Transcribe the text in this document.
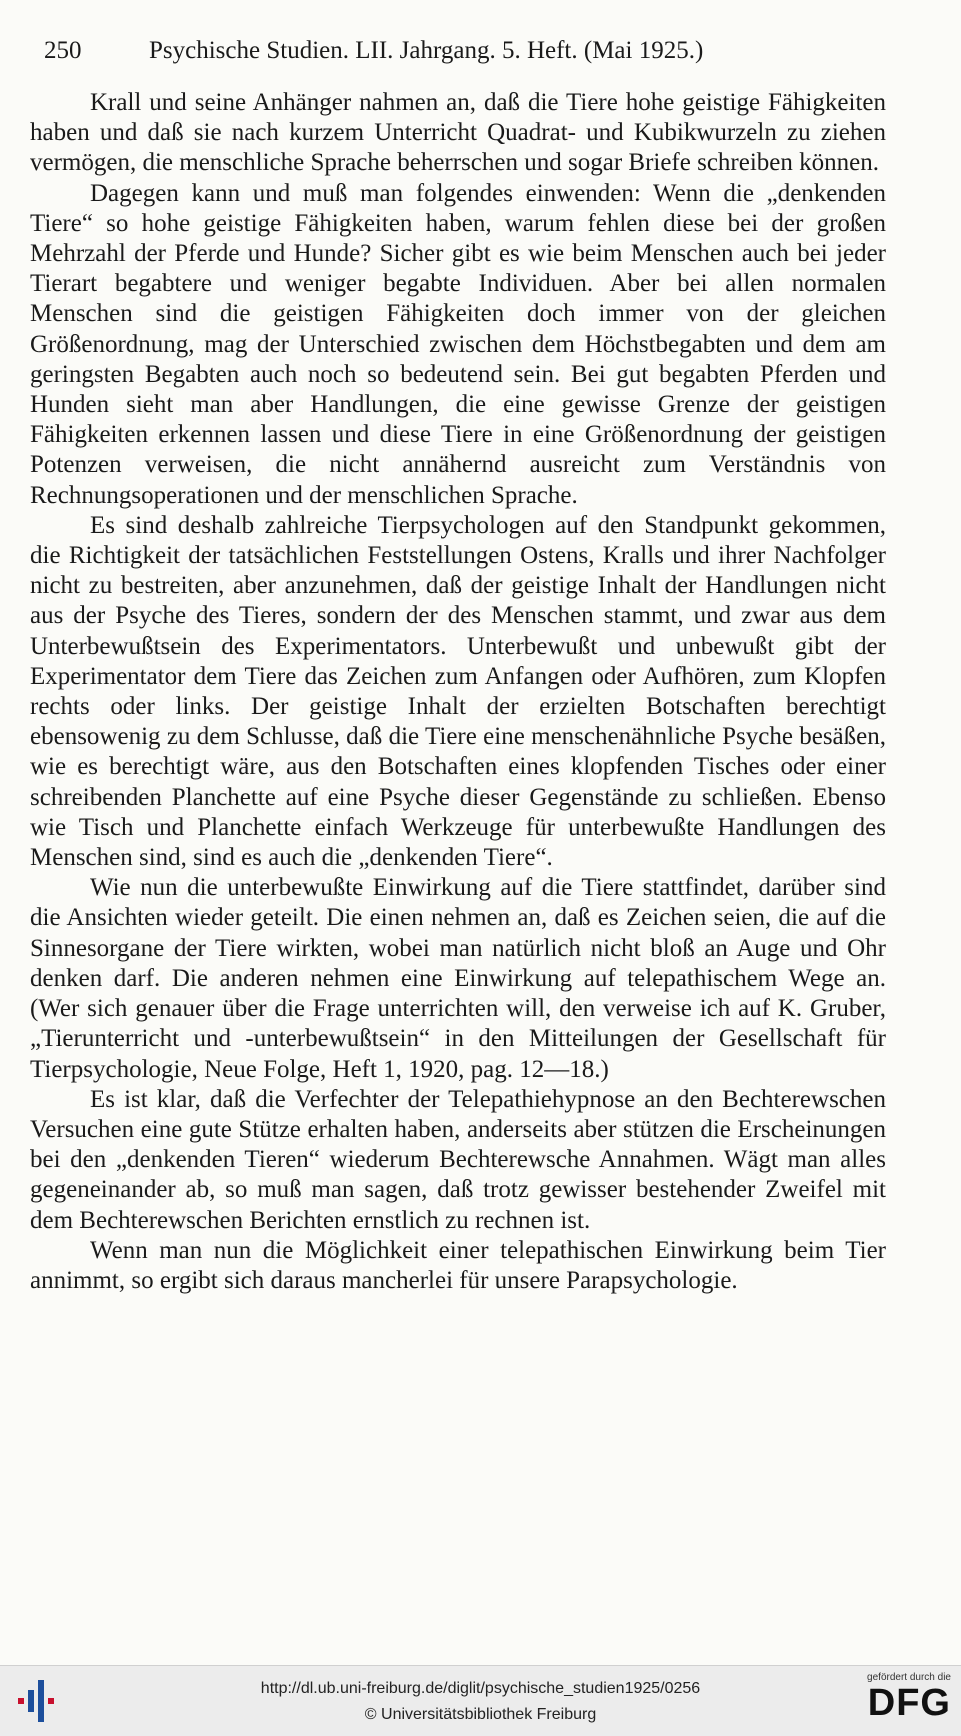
250	Psychische Studien. LII. Jahrgang. 5. Heft. (Mai 1925.)

Krall und seine Anhänger nahmen an, daß die Tiere hohe geistige Fähigkeiten haben und daß sie nach kurzem Unterricht Quadrat- und Kubikwurzeln zu ziehen vermögen, die menschliche Sprache beherrschen und sogar Briefe schreiben können.

Dagegen kann und muß man folgendes einwenden: Wenn die „denkenden Tiere“ so hohe geistige Fähigkeiten haben, warum fehlen diese bei der großen Mehrzahl der Pferde und Hunde? Sicher gibt es wie beim Menschen auch bei jeder Tierart begabtere und weniger begabte Individuen. Aber bei allen normalen Menschen sind die geistigen Fähigkeiten doch immer von der gleichen Größenordnung, mag der Unterschied zwischen dem Höchstbegabten und dem am geringsten Begabten auch noch so bedeutend sein. Bei gut begabten Pferden und Hunden sieht man aber Handlungen, die eine gewisse Grenze der geistigen Fähigkeiten erkennen lassen und diese Tiere in eine Größenordnung der geistigen Potenzen verweisen, die nicht annähernd ausreicht zum Verständnis von Rechnungsoperationen und der menschlichen Sprache.

Es sind deshalb zahlreiche Tierpsychologen auf den Standpunkt gekommen, die Richtigkeit der tatsächlichen Feststellungen Ostens, Kralls und ihrer Nachfolger nicht zu bestreiten, aber anzunehmen, daß der geistige Inhalt der Handlungen nicht aus der Psyche des Tieres, sondern der des Menschen stammt, und zwar aus dem Unterbewußtsein des Experimentators. Unterbewußt und unbewußt gibt der Experimentator dem Tiere das Zeichen zum Anfangen oder Aufhören, zum Klopfen rechts oder links. Der geistige Inhalt der erzielten Botschaften berechtigt ebensowenig zu dem Schlusse, daß die Tiere eine menschenähnliche Psyche besäßen, wie es berechtigt wäre, aus den Botschaften eines klopfenden Tisches oder einer schreibenden Planchette auf eine Psyche dieser Gegenstände zu schließen. Ebenso wie Tisch und Planchette einfach Werkzeuge für unterbewußte Handlungen des Menschen sind, sind es auch die „denkenden Tiere“.

Wie nun die unterbewußte Einwirkung auf die Tiere stattfindet, darüber sind die Ansichten wieder geteilt. Die einen nehmen an, daß es Zeichen seien, die auf die Sinnesorgane der Tiere wirkten, wobei man natürlich nicht bloß an Auge und Ohr denken darf. Die anderen nehmen eine Einwirkung auf telepathischem Wege an. (Wer sich genauer über die Frage unterrichten will, den verweise ich auf K. Gruber, „Tierunterricht und -unterbewußtsein“ in den Mitteilungen der Gesellschaft für Tierpsychologie, Neue Folge, Heft 1, 1920, pag. 12—18.)

Es ist klar, daß die Verfechter der Telepathiehypnose an den Bechterewschen Versuchen eine gute Stütze erhalten haben, anderseits aber stützen die Erscheinungen bei den „denkenden Tieren“ wiederum Bechterewsche Annahmen. Wägt man alles gegeneinander ab, so muß man sagen, daß trotz gewisser bestehender Zweifel mit dem Bechterewschen Berichten ernstlich zu rechnen ist.

Wenn man nun die Möglichkeit einer telepathischen Einwirkung beim Tier annimmt, so ergibt sich daraus mancherlei für unsere Parapsychologie.

http://dl.ub.uni-freiburg.de/diglit/psychische_studien1925/0256
© Universitätsbibliothek Freiburg
gefördert durch die
DFG
